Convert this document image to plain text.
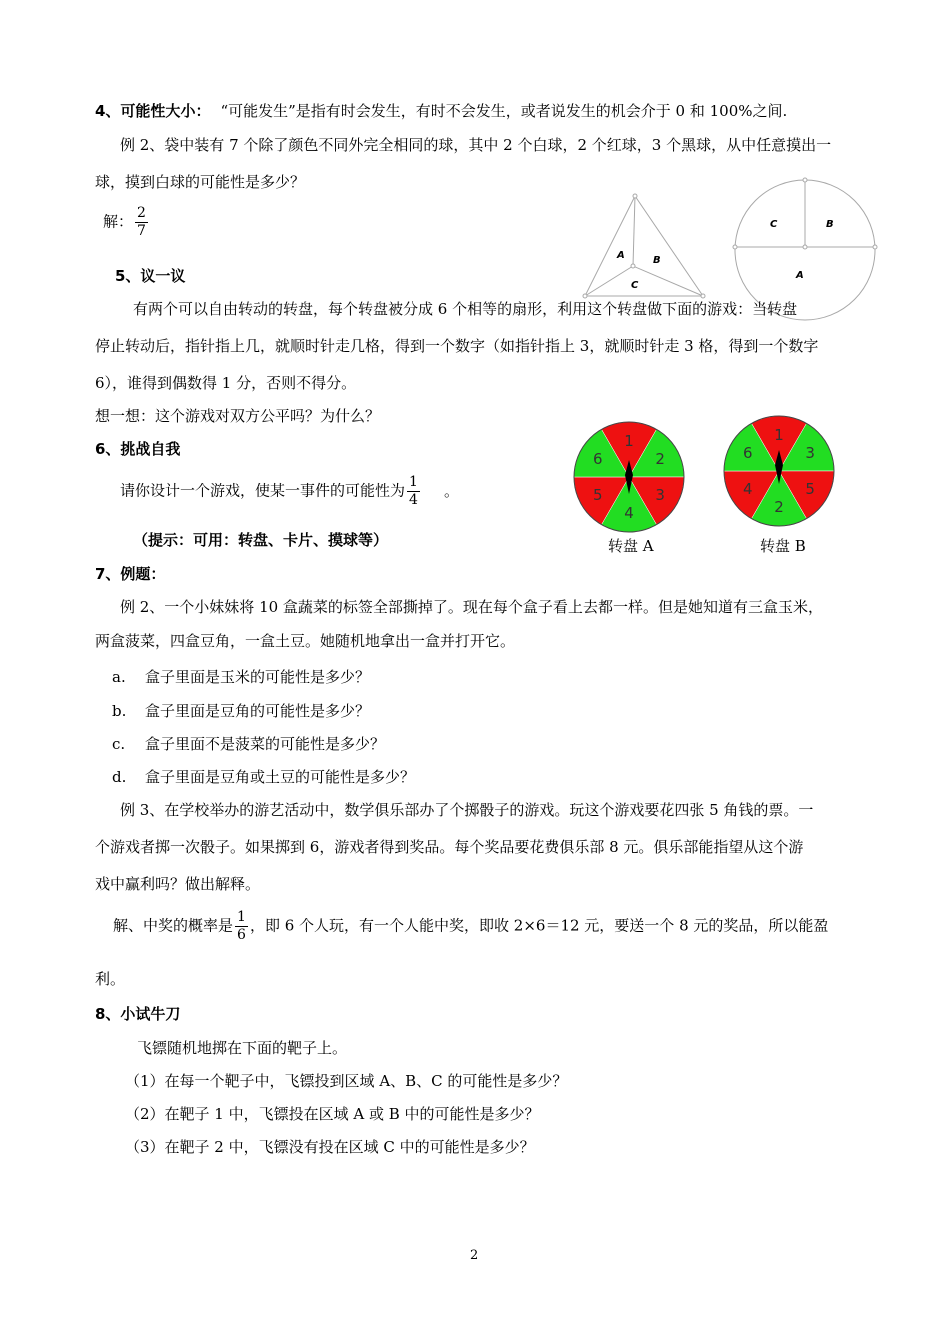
4、可能性大小： “可能发生”是指有时会发生，有时不会发生，或者说发生的机会介于 0 和 100%之间.
例 2、袋中装有 7 个除了颜色不同外完全相同的球，其中 2 个白球，2 个红球，3 个黑球，从中任意摸出一
球，摸到白球的可能性是多少？
解： $\frac{2}{7}$
A	B
C
C	B
A
5、议一议
有两个可以自由转动的转盘，每个转盘被分成 6 个相等的扇形，利用这个转盘做下面的游戏：当转盘
停止转动后，指针指上几，就顺时针走几格，得到一个数字（如指针指上 3，就顺时针走 3 格，得到一个数字
6），谁得到偶数得 1 分，否则不得分。
想一想：这个游戏对双方公平吗？为什么？
1
2
3
4
5
6
转盘 A
1
3
5
2
4
6
转盘 B
6、挑战自我
请你设计一个游戏，使某一事件的可能性为 $\frac{1}{4}$ 。
（提示：可用：转盘、卡片、摸球等）
7、例题：
例 2、一个小妹妹将 10 盒蔬菜的标签全部撕掉了。现在每个盒子看上去都一样。但是她知道有三盒玉米，
两盒菠菜，四盒豆角，一盒土豆。她随机地拿出一盒并打开它。
a. 盒子里面是玉米的可能性是多少？
b. 盒子里面是豆角的可能性是多少？
c. 盒子里面不是菠菜的可能性是多少？
d. 盒子里面是豆角或土豆的可能性是多少？
例 3、在学校举办的游艺活动中，数学俱乐部办了个掷骰子的游戏。玩这个游戏要花四张 5 角钱的票。一
个游戏者掷一次骰子。如果掷到 6，游戏者得到奖品。每个奖品要花费俱乐部 8 元。俱乐部能指望从这个游
戏中赢利吗？做出解释。
解、中奖的概率是 $\frac{1}{6}$ ，即 6 个人玩，有一个人能中奖，即收 2×6＝12 元，要送一个 8 元的奖品，所以能盈
利。
8、小试牛刀
飞镖随机地掷在下面的靶子上。
（1）在每一个靶子中，飞镖投到区域 A、B、C 的可能性是多少？
（2）在靶子 1 中，飞镖投在区域 A 或 B 中的可能性是多少？
（3）在靶子 2 中，飞镖没有投在区域 C 中的可能性是多少？
2
